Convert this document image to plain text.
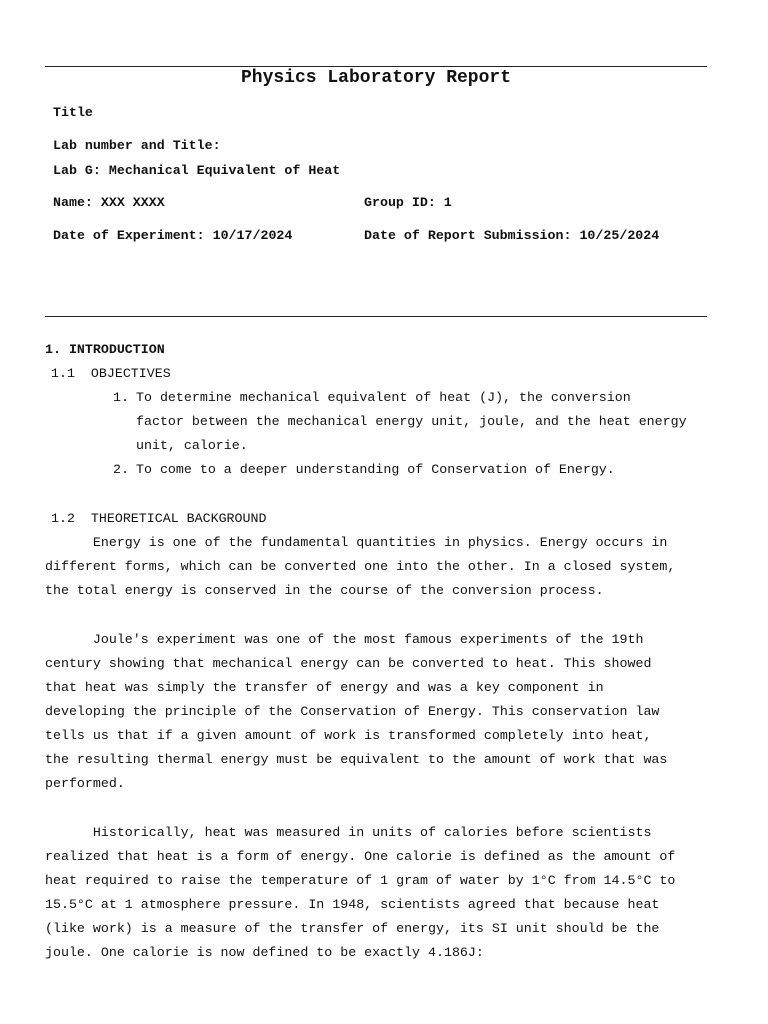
Physics Laboratory Report
Title
Lab number and Title:
Lab G: Mechanical Equivalent of Heat
Name: XXX XXXX	Group ID: 1
Date of Experiment: 10/17/2024	Date of Report Submission: 10/25/2024
1. INTRODUCTION
1.1  OBJECTIVES
1. To determine mechanical equivalent of heat (J), the conversion
factor between the mechanical energy unit, joule, and the heat energy
unit, calorie.
2. To come to a deeper understanding of Conservation of Energy.
1.2  THEORETICAL BACKGROUND
Energy is one of the fundamental quantities in physics. Energy occurs in
different forms, which can be converted one into the other. In a closed system,
the total energy is conserved in the course of the conversion process.
Joule's experiment was one of the most famous experiments of the 19th
century showing that mechanical energy can be converted to heat. This showed
that heat was simply the transfer of energy and was a key component in
developing the principle of the Conservation of Energy. This conservation law
tells us that if a given amount of work is transformed completely into heat,
the resulting thermal energy must be equivalent to the amount of work that was
performed.
Historically, heat was measured in units of calories before scientists
realized that heat is a form of energy. One calorie is defined as the amount of
heat required to raise the temperature of 1 gram of water by 1°C from 14.5°C to
15.5°C at 1 atmosphere pressure. In 1948, scientists agreed that because heat
(like work) is a measure of the transfer of energy, its SI unit should be the
joule. One calorie is now defined to be exactly 4.186J:
